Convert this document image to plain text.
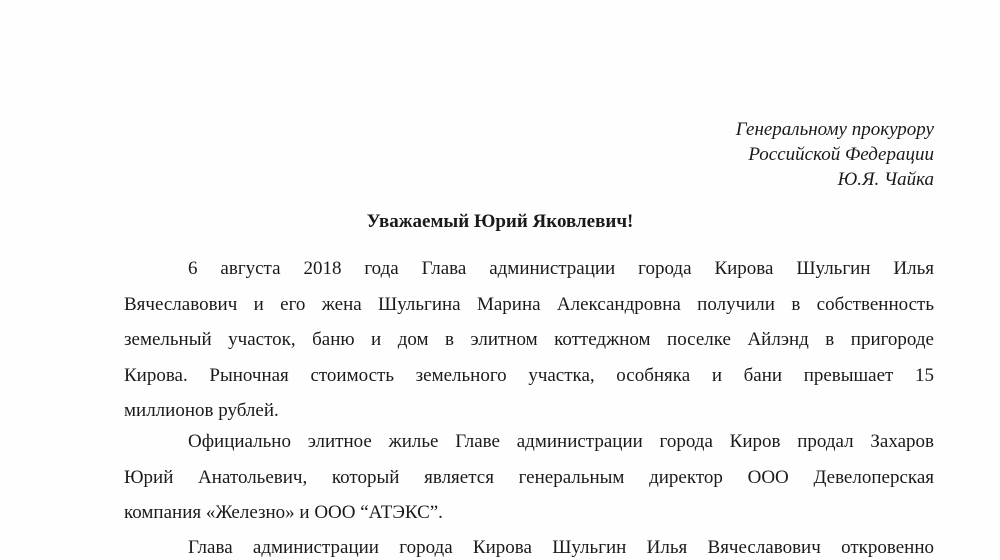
Генеральному прокурору
Российской Федерации
Ю.Я. Чайка
Уважаемый Юрий Яковлевич!
6 августа 2018 года Глава администрации города Кирова Шульгин Илья
Вячеславович и его жена Шульгина Марина Александровна получили в собственность
земельный участок, баню и дом в элитном коттеджном поселке Айлэнд в пригороде
Кирова. Рыночная стоимость земельного участка, особняка и бани превышает 15
миллионов рублей.
Официально элитное жилье Главе администрации города Киров продал Захаров
Юрий Анатольевич, который является генеральным директор ООО Девелоперская
компания «Железно» и ООО “АТЭКС”.
Глава администрации города Кирова Шульгин Илья Вячеславович откровенно
